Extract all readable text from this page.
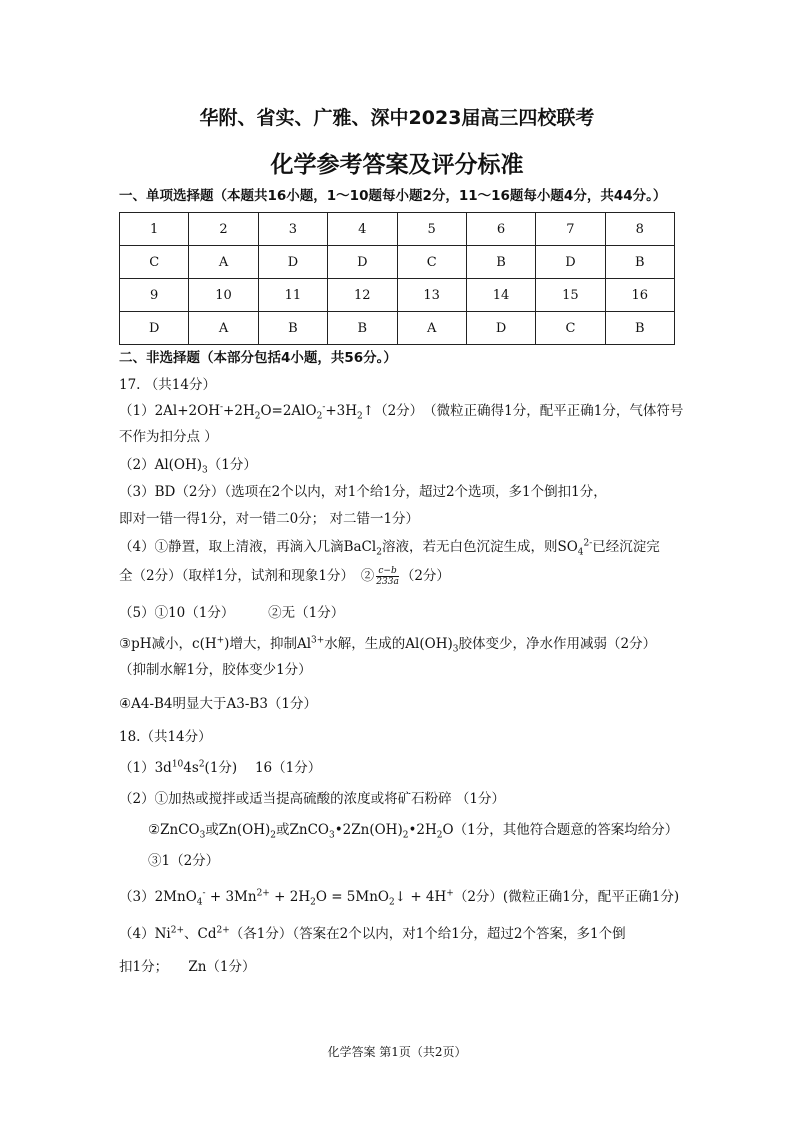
华附、省实、广雅、深中2023届高三四校联考
化学参考答案及评分标准
一、单项选择题（本题共16小题，1～10题每小题2分，11～16题每小题4分，共44分。）
1	2	3	4	5	6	7	8
C	A	D	D	C	B	D	B
9	10	11	12	13	14	15	16
D	A	B	B	A	D	C	B
二、非选择题（本部分包括4小题，共56分。）
17. （共14分）
$(1)2Al+2OH^-+2H_2O=2AlO_2^-+3H_2↑(2$分）　（微粒正确得1分，配平正确1分，气体符号
不作为扣分点 ）
$(2)Al(OH)_3(1$分）
（3）BD（2分）（选项在2个以内，对1个给1分，超过2个选项，多1个倒扣1分，
即对一错一得1分，对一错二0分； 对二错一1分）
（4）①静置，取上清液，再滴入几滴BaCl$_2$溶液，若无白色沉淀生成，则$SO_4^{2-}$已经沉淀完
全（2分）（取样1分，试剂和现象1分）　② $\frac{c-b}{233a} (2$分）
（5）①10（1分）　　　②无（1分）
③pH减小，c(H+)增大，抑制$Al^{3+}$水解，生成的$Al(OH)_3$胶体变少，净水作用减弱（2分）
（抑制水解1分，胶体变少1分）
④A4-B4明显大于A3-B3（1分）
18.（共14分）
$(1)3d^{10}4s^2(1$分)　 16（1分）
（2）①加热或搅拌或适当提高硫酸的浓度或将矿石粉碎 （1分）
②ZnCO$_3$或$Zn(OH)_2$或$ZnCO_3•2Zn(OH)_2•2H_2O(1$分，其他符合题意的答案均给分）
③1（2分）
$(3)2MnO_4^- + 3Mn^{2+} + 2H_2O$ = 5MnO$_2$↓ + 4H+（2分）(微粒正确1分，配平正确1分)
$(4)Ni^{2+}$、$Cd^{2+}$（各1分）（答案在2个以内，对1个给1分，超过2个答案，多1个倒
扣1分；　　Zn（1分）
化学答案 第1页（共2页）
